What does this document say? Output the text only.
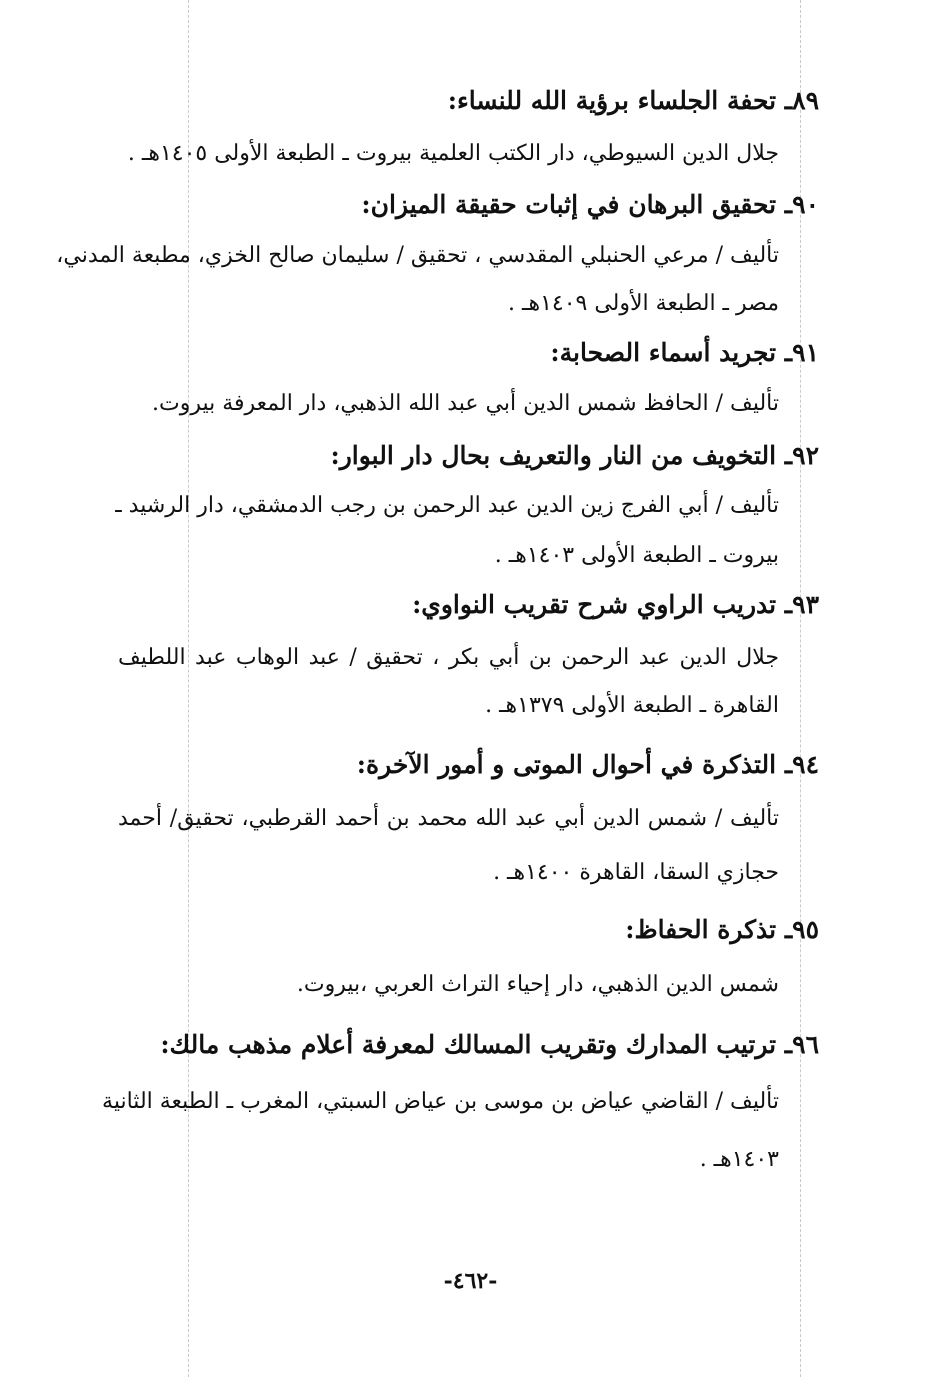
٨٩ـ تحفة الجلساء برؤية الله للنساء:
جلال الدين السيوطي، دار الكتب العلمية بيروت ـ الطبعة الأولى ١٤٠٥هـ .
٩٠ـ تحقيق البرهان في إثبات حقيقة الميزان:
تأليف / مرعي الحنبلي المقدسي ، تحقيق / سليمان صالح الخزي، مطبعة المدني،
مصر ـ الطبعة الأولى ١٤٠٩هـ .
٩١ـ تجريد أسماء الصحابة:
تأليف / الحافظ شمس الدين أبي عبد الله الذهبي، دار المعرفة بيروت.
٩٢ـ التخويف من النار والتعريف بحال دار البوار:
تأليف / أبي الفرج زين الدين عبد الرحمن بن رجب الدمشقي، دار الرشيد ـ
بيروت ـ الطبعة الأولى ١٤٠٣هـ .
٩٣ـ تدريب الراوي شرح تقريب النواوي:
جلال الدين عبد الرحمن بن أبي بكر ، تحقيق / عبد الوهاب عبد اللطيف
القاهرة ـ الطبعة الأولى ١٣٧٩هـ .
٩٤ـ التذكرة في أحوال الموتى و أمور الآخرة:
تأليف / شمس الدين أبي عبد الله محمد بن أحمد القرطبي، تحقيق/ أحمد
حجازي السقا، القاهرة ١٤٠٠هـ .
٩٥ـ تذكرة الحفاظ:
شمس الدين الذهبي، دار إحياء التراث العربي ،بيروت.
٩٦ـ ترتيب المدارك وتقريب المسالك لمعرفة أعلام مذهب مالك:
تأليف / القاضي عياض بن موسى بن عياض السبتي، المغرب ـ الطبعة الثانية
١٤٠٣هـ .
-٤٦٢-
